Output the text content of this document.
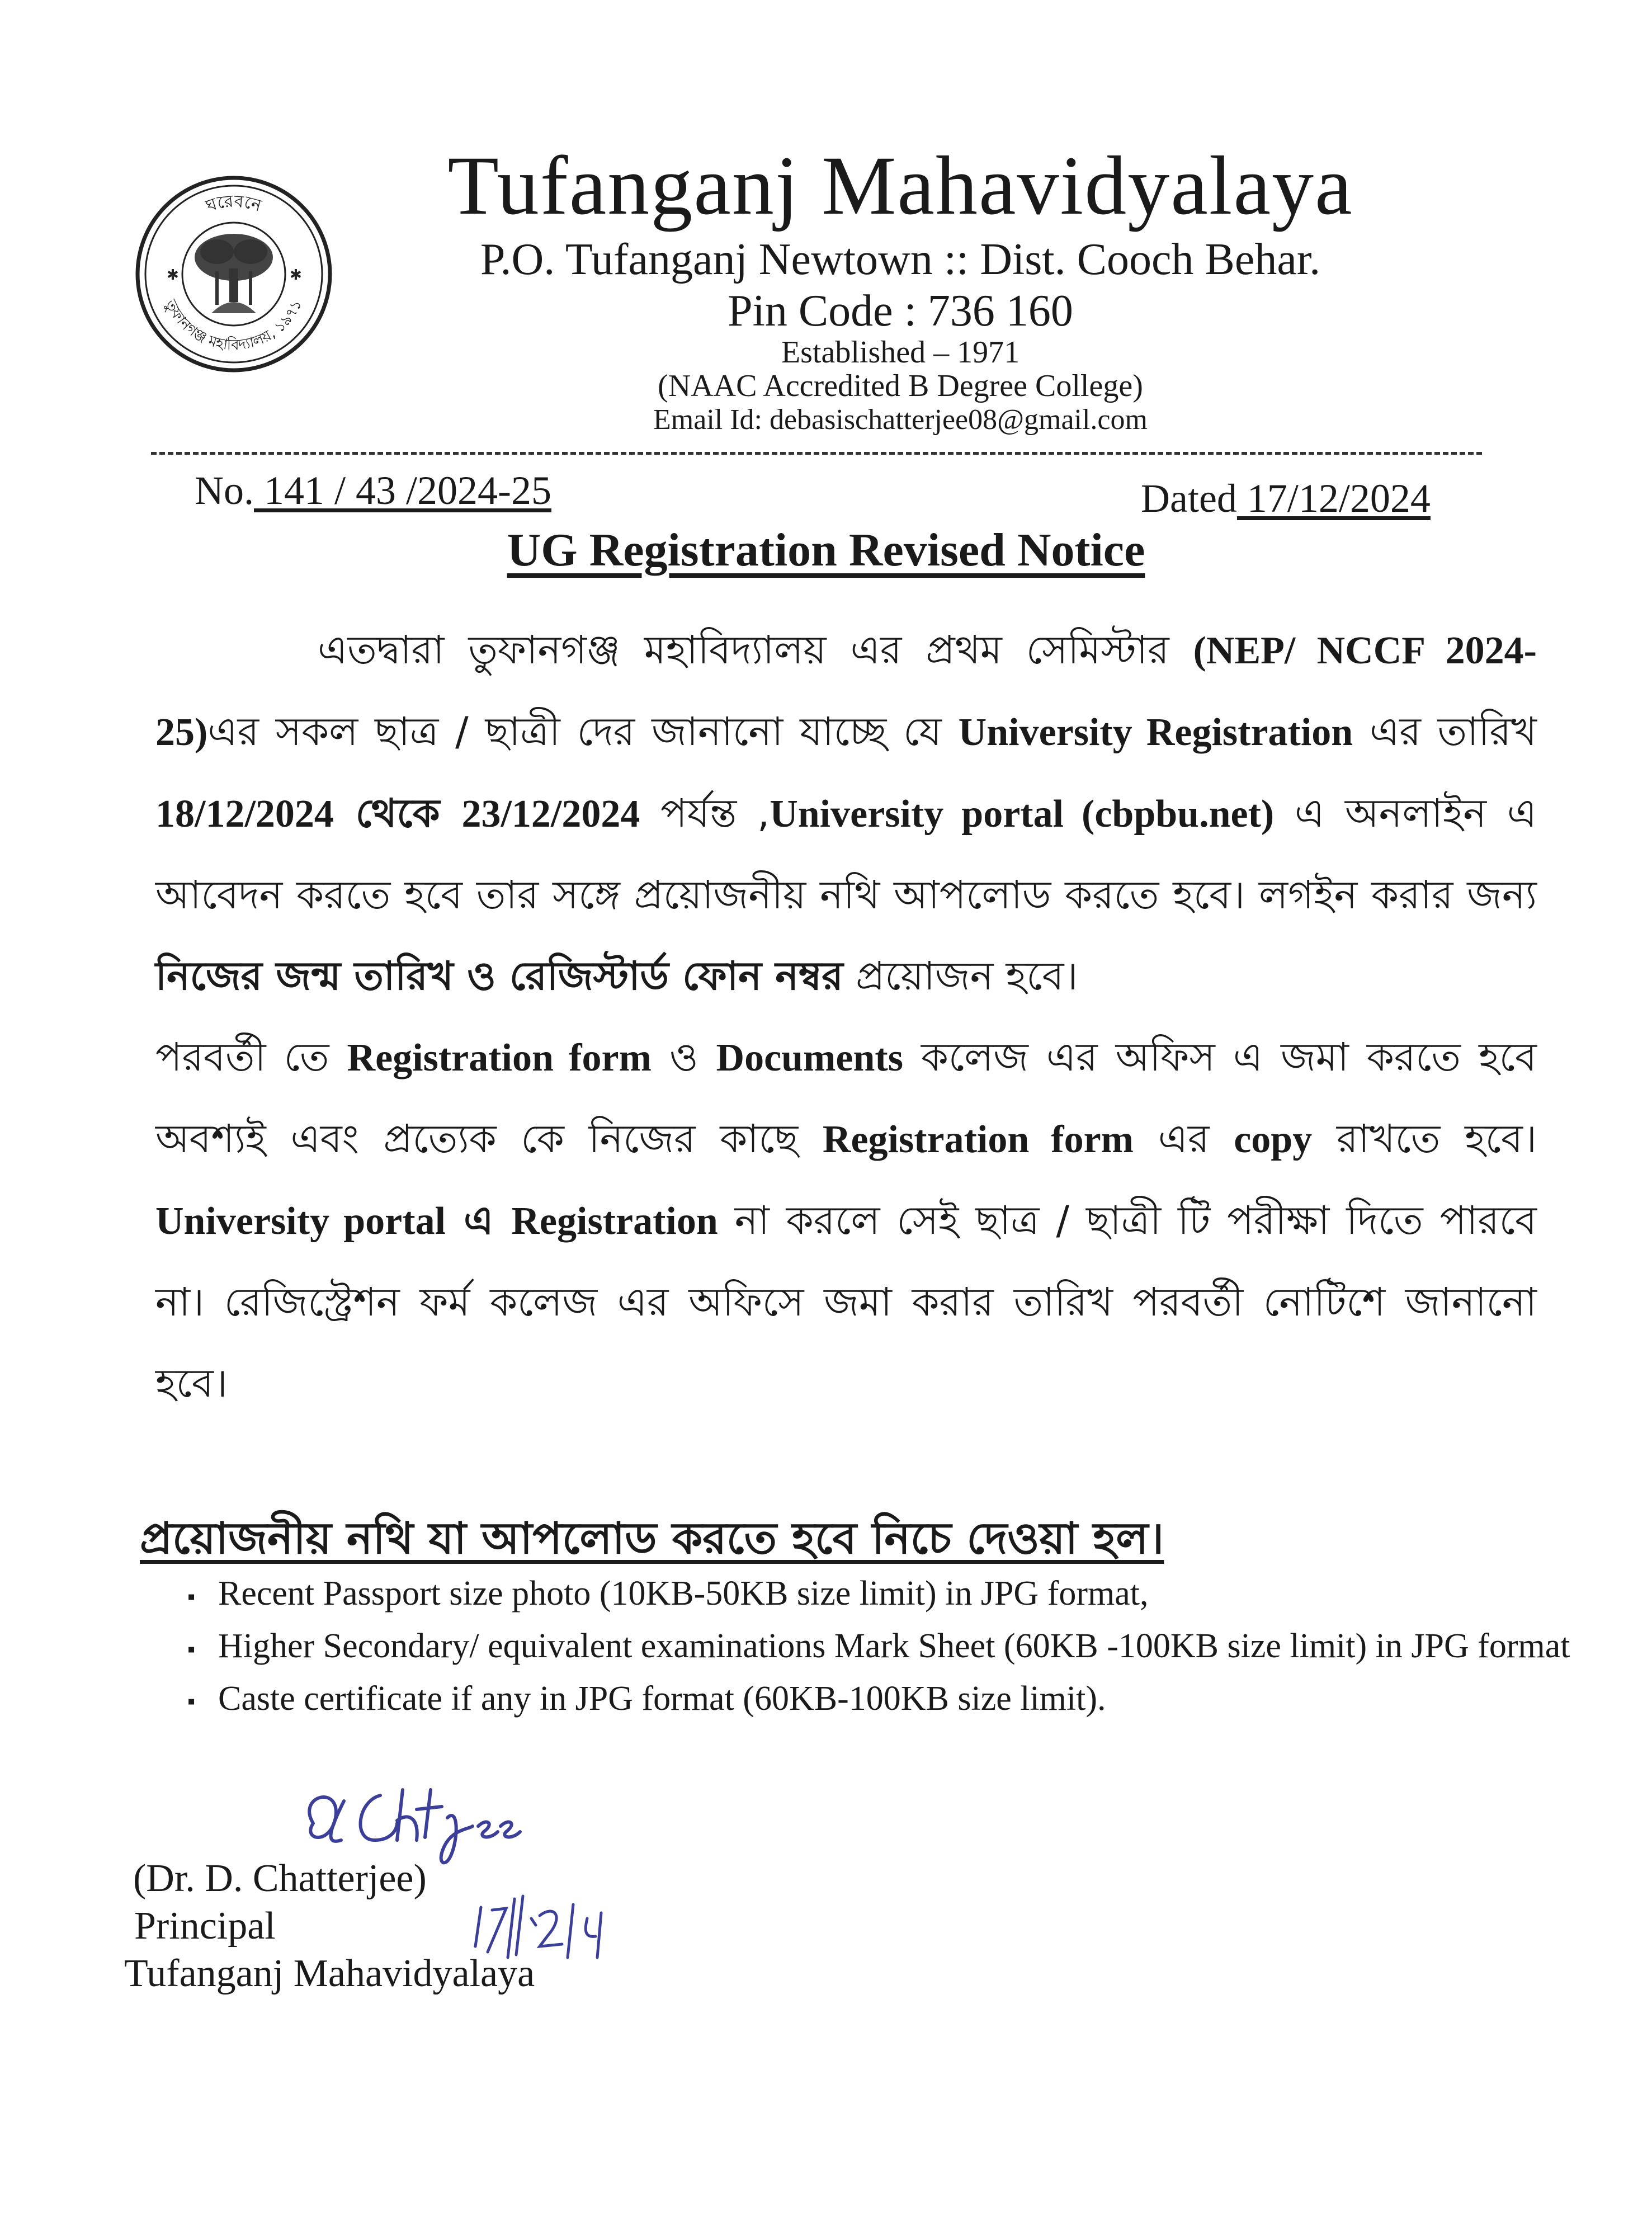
ঘরেবনে
তুফানগঞ্জ মহাবিদ্যালয়, ১৯৭১
✱	✱
Tufanganj Mahavidyalaya
P.O. Tufanganj Newtown :: Dist. Cooch Behar.
Pin Code : 736 160
Established – 1971
(NAAC Accredited B Degree College)
Email Id: debasischatterjee08@gmail.com
No. 141 / 43 /2024-25	Dated 17/12/2024
UG Registration Revised Notice

এতদ্বারা তুফানগঞ্জ মহাবিদ্যালয় এর প্রথম সেমিস্টার (NEP/ NCCF 2024-25)এর সকল ছাত্র / ছাত্রী দের জানানো যাচ্ছে যে University Registration এর তারিখ 18/12/2024 থেকে 23/12/2024 পর্যন্ত ,University portal (cbpbu.net) এ অনলাইন এ আবেদন করতে হবে তার সঙ্গে প্রয়োজনীয় নথি আপলোড করতে হবে। লগইন করার জন্য নিজের জন্ম তারিখ ও রেজিস্টার্ড ফোন নম্বর প্রয়োজন হবে।

পরবর্তী তে Registration form ও Documents কলেজ এর অফিস এ জমা করতে হবে অবশ্যই এবং প্রত্যেক কে নিজের কাছে Registration form এর copy রাখতে হবে। University portal এ Registration না করলে সেই ছাত্র / ছাত্রী টি পরীক্ষা দিতে পারবে না। রেজিস্ট্রেশন ফর্ম কলেজ এর অফিসে জমা করার তারিখ পরবর্তী নোটিশে জানানো হবে।

প্রয়োজনীয় নথি যা আপলোড করতে হবে নিচে দেওয়া হল।
▪ Recent Passport size photo (10KB-50KB size limit) in JPG format,
▪ Higher Secondary/ equivalent examinations Mark Sheet (60KB -100KB size limit) in JPG format
▪ Caste certificate if any in JPG format (60KB-100KB size limit).
(Dr. D. Chatterjee)
Principal
Tufanganj Mahavidyalaya
